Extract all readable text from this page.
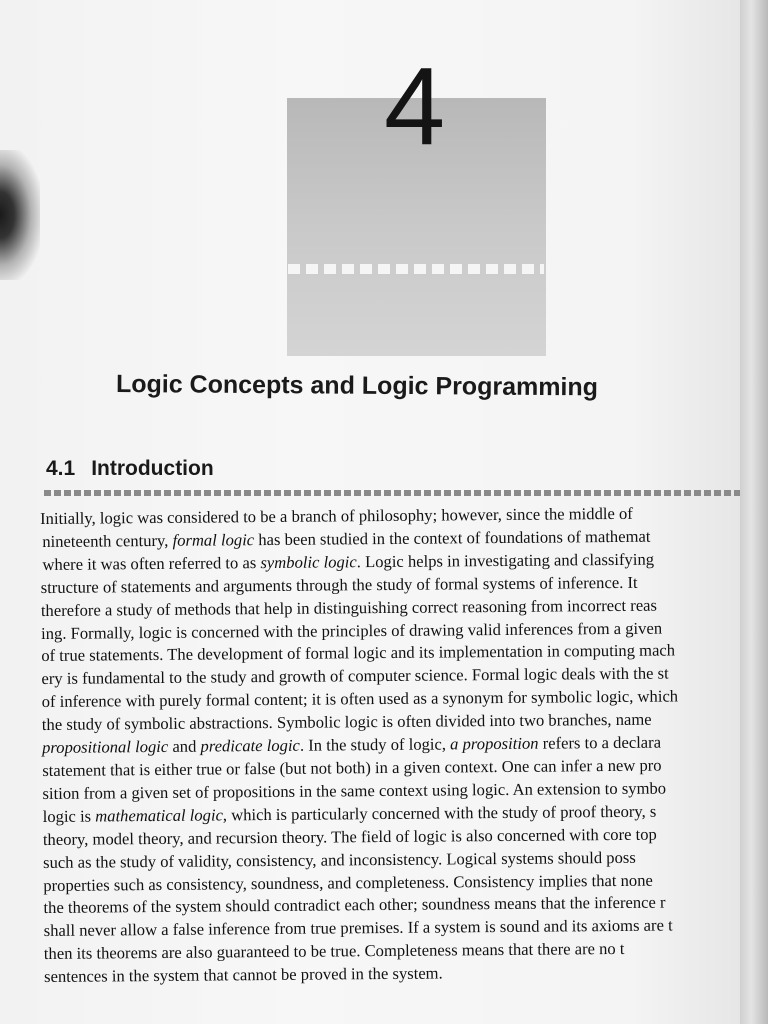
4
Logic Concepts and Logic Programming
4.1 Introduction
Initially, logic was considered to be a branch of philosophy; however, since the middle of
nineteenth century, formal logic has been studied in the context of foundations of mathemat
where it was often referred to as symbolic logic. Logic helps in investigating and classifying
structure of statements and arguments through the study of formal systems of inference. It
therefore a study of methods that help in distinguishing correct reasoning from incorrect reas
ing. Formally, logic is concerned with the principles of drawing valid inferences from a given
of true statements. The development of formal logic and its implementation in computing mach
ery is fundamental to the study and growth of computer science. Formal logic deals with the st
of inference with purely formal content; it is often used as a synonym for symbolic logic, which
the study of symbolic abstractions. Symbolic logic is often divided into two branches, name
propositional logic and predicate logic. In the study of logic, a proposition refers to a declara
statement that is either true or false (but not both) in a given context. One can infer a new pro
sition from a given set of propositions in the same context using logic. An extension to symbo
logic is mathematical logic, which is particularly concerned with the study of proof theory, s
theory, model theory, and recursion theory. The field of logic is also concerned with core top
such as the study of validity, consistency, and inconsistency. Logical systems should poss
properties such as consistency, soundness, and completeness. Consistency implies that none
the theorems of the system should contradict each other; soundness means that the inference r
shall never allow a false inference from true premises. If a system is sound and its axioms are t
then its theorems are also guaranteed to be true. Completeness means that there are no t
sentences in the system that cannot be proved in the system.
